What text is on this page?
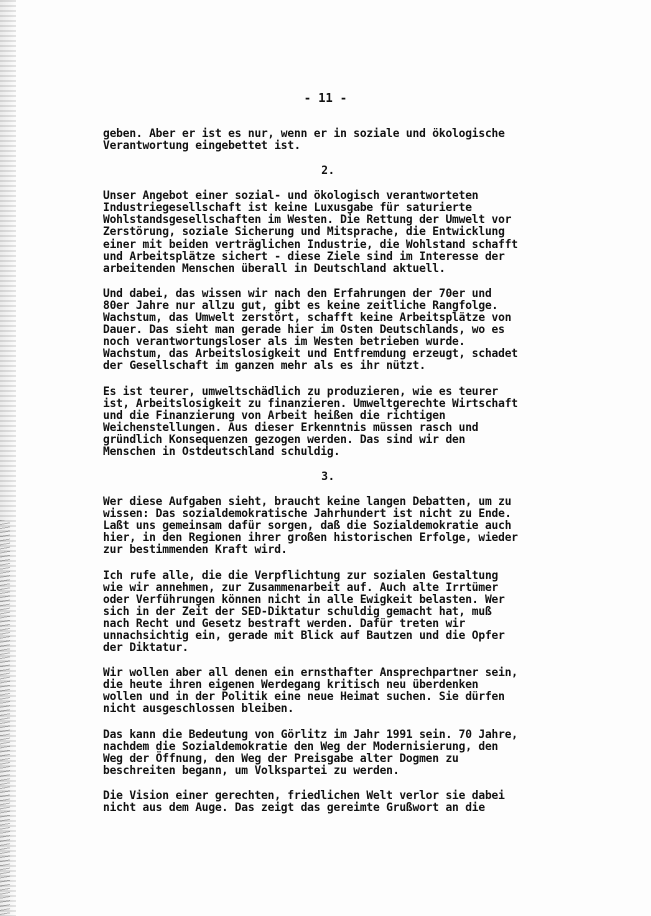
- 11 -

geben. Aber er ist es nur, wenn er in soziale und ökologische
Verantwortung eingebettet ist.

2.

Unser Angebot einer sozial- und ökologisch verantworteten
Industriegesellschaft ist keine Luxusgabe für saturierte
Wohlstandsgesellschaften im Westen. Die Rettung der Umwelt vor
Zerstörung, soziale Sicherung und Mitsprache, die Entwicklung
einer mit beiden verträglichen Industrie, die Wohlstand schafft
und Arbeitsplätze sichert - diese Ziele sind im Interesse der
arbeitenden Menschen überall in Deutschland aktuell.

Und dabei, das wissen wir nach den Erfahrungen der 70er und
80er Jahre nur allzu gut, gibt es keine zeitliche Rangfolge.
Wachstum, das Umwelt zerstört, schafft keine Arbeitsplätze von
Dauer. Das sieht man gerade hier im Osten Deutschlands, wo es
noch verantwortungsloser als im Westen betrieben wurde.
Wachstum, das Arbeitslosigkeit und Entfremdung erzeugt, schadet
der Gesellschaft im ganzen mehr als es ihr nützt.

Es ist teurer, umweltschädlich zu produzieren, wie es teurer
ist, Arbeitslosigkeit zu finanzieren. Umweltgerechte Wirtschaft
und die Finanzierung von Arbeit heißen die richtigen
Weichenstellungen. Aus dieser Erkenntnis müssen rasch und
gründlich Konsequenzen gezogen werden. Das sind wir den
Menschen in Ostdeutschland schuldig.

3.

Wer diese Aufgaben sieht, braucht keine langen Debatten, um zu
wissen: Das sozialdemokratische Jahrhundert ist nicht zu Ende.
Laßt uns gemeinsam dafür sorgen, daß die Sozialdemokratie auch
hier, in den Regionen ihrer großen historischen Erfolge, wieder
zur bestimmenden Kraft wird.

Ich rufe alle, die die Verpflichtung zur sozialen Gestaltung
wie wir annehmen, zur Zusammenarbeit auf. Auch alte Irrtümer
oder Verführungen können nicht in alle Ewigkeit belasten. Wer
sich in der Zeit der SED-Diktatur schuldig gemacht hat, muß
nach Recht und Gesetz bestraft werden. Dafür treten wir
unnachsichtig ein, gerade mit Blick auf Bautzen und die Opfer
der Diktatur.

Wir wollen aber all denen ein ernsthafter Ansprechpartner sein,
die heute ihren eigenen Werdegang kritisch neu überdenken
wollen und in der Politik eine neue Heimat suchen. Sie dürfen
nicht ausgeschlossen bleiben.

Das kann die Bedeutung von Görlitz im Jahr 1991 sein. 70 Jahre,
nachdem die Sozialdemokratie den Weg der Modernisierung, den
Weg der Öffnung, den Weg der Preisgabe alter Dogmen zu
beschreiten begann, um Volkspartei zu werden.

Die Vision einer gerechten, friedlichen Welt verlor sie dabei
nicht aus dem Auge. Das zeigt das gereimte Grußwort an die
